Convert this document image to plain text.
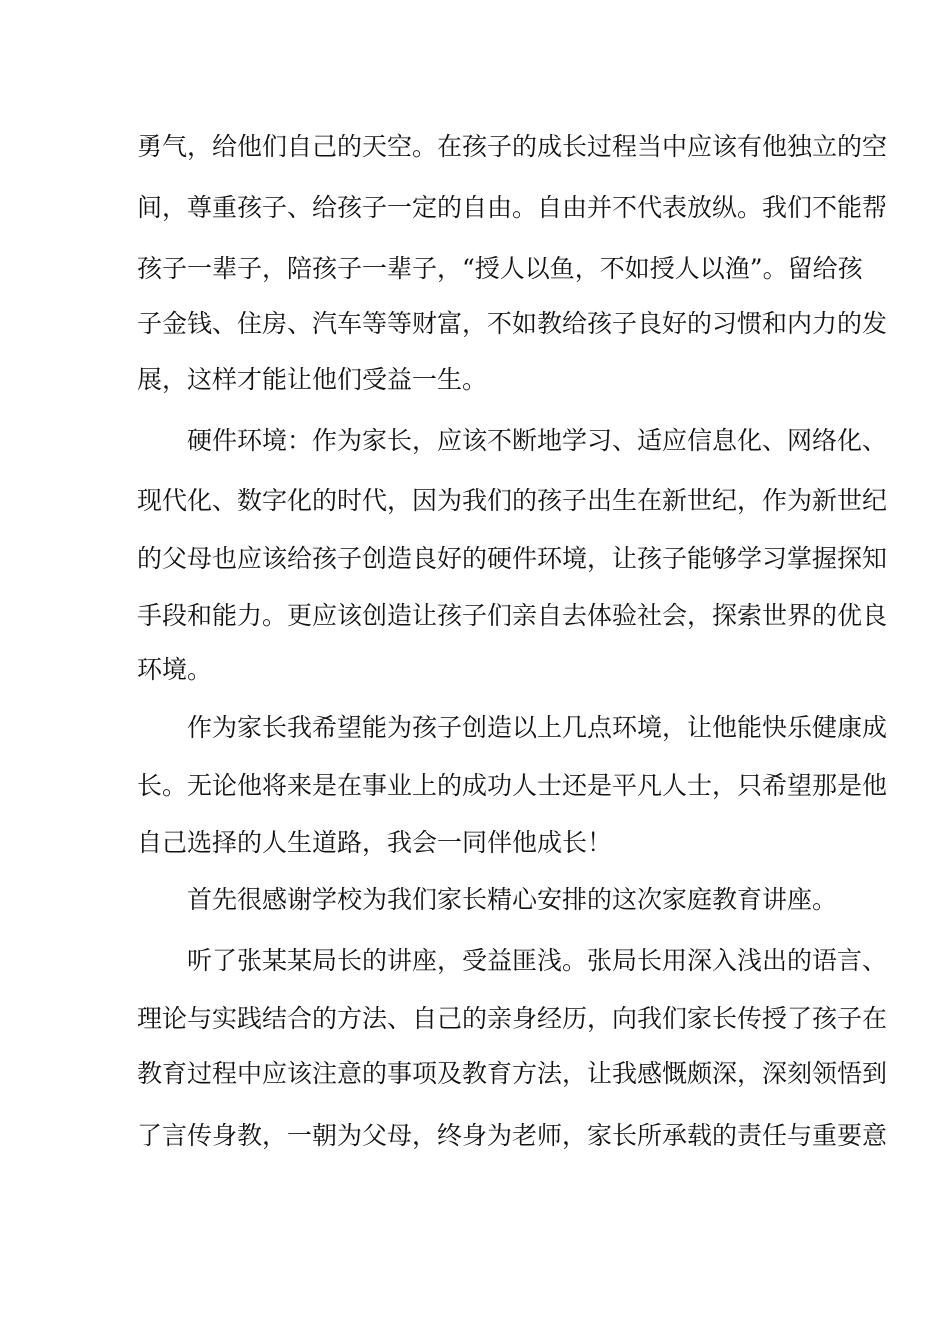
勇气，给他们自己的天空。在孩子的成长过程当中应该有他独立的空
间，尊重孩子、给孩子一定的自由。自由并不代表放纵。我们不能帮
孩子一辈子，陪孩子一辈子，“授人以鱼，不如授人以渔”。留给孩
子金钱、住房、汽车等等财富，不如教给孩子良好的习惯和内力的发
展，这样才能让他们受益一生。
硬件环境：作为家长，应该不断地学习、适应信息化、网络化、
现代化、数字化的时代，因为我们的孩子出生在新世纪，作为新世纪
的父母也应该给孩子创造良好的硬件环境，让孩子能够学习掌握探知
手段和能力。更应该创造让孩子们亲自去体验社会，探索世界的优良
环境。
作为家长我希望能为孩子创造以上几点环境，让他能快乐健康成
长。无论他将来是在事业上的成功人士还是平凡人士，只希望那是他
自己选择的人生道路，我会一同伴他成长！
首先很感谢学校为我们家长精心安排的这次家庭教育讲座。
听了张某某局长的讲座，受益匪浅。张局长用深入浅出的语言、
理论与实践结合的方法、自己的亲身经历，向我们家长传授了孩子在
教育过程中应该注意的事项及教育方法，让我感慨颇深，深刻领悟到
了言传身教，一朝为父母，终身为老师，家长所承载的责任与重要意
